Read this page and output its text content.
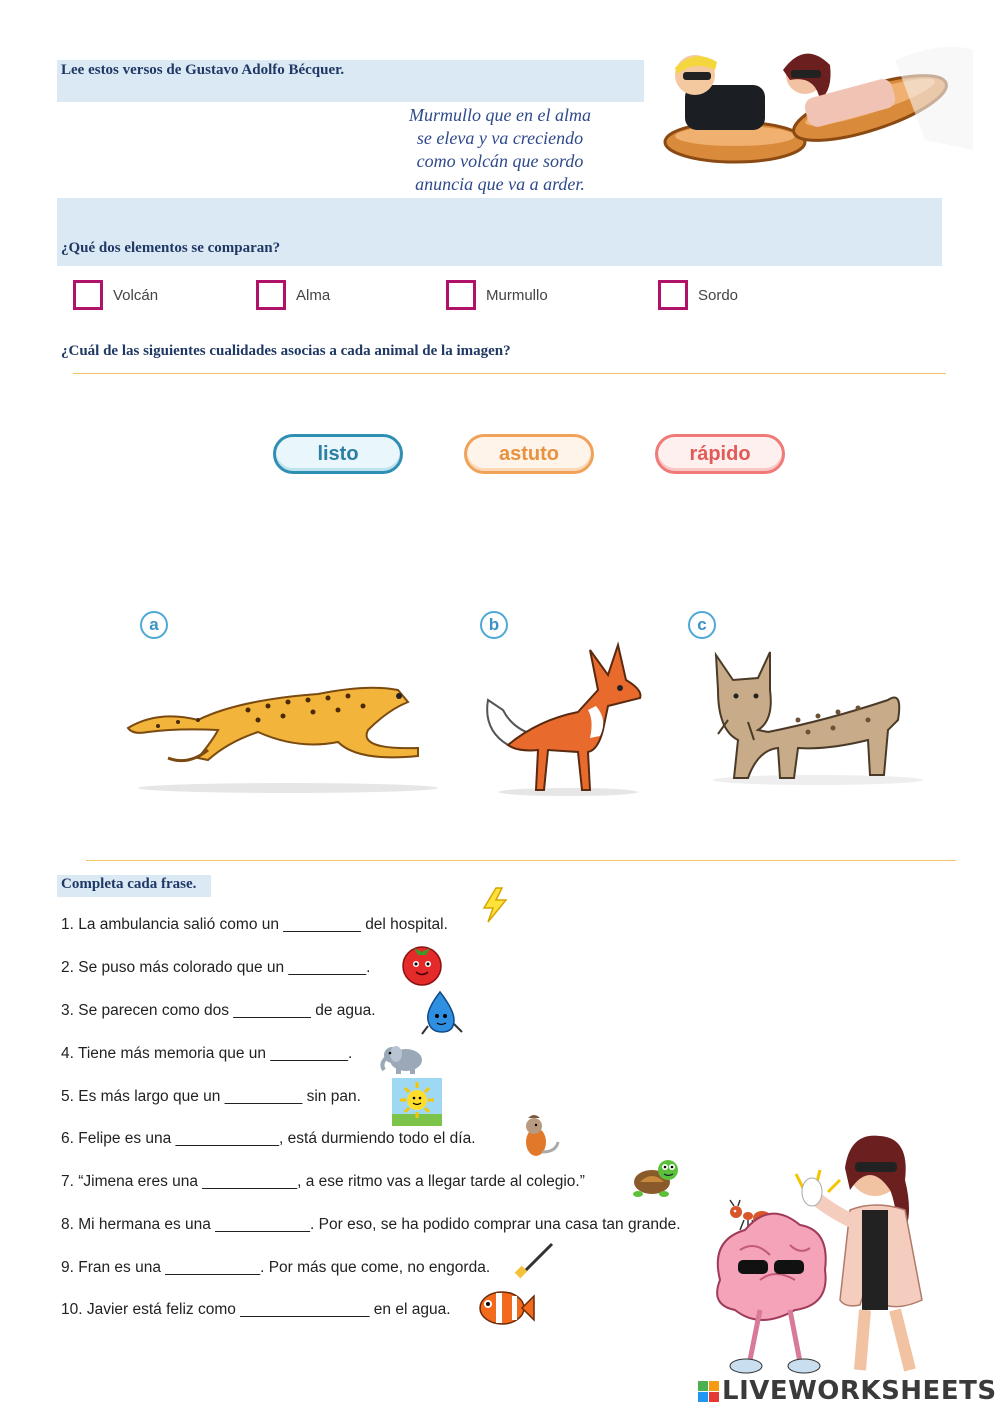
Lee estos versos de Gustavo Adolfo Bécquer.
Murmullo que en el alma
se eleva y va creciendo
como volcán que sordo
anuncia que va a arder.
¿Qué dos elementos se comparan?
Volcán	Alma	Murmullo	Sordo
¿Cuál de las siguientes cualidades asocias a cada animal de la imagen?
listo	astuto	rápido
a	b	c
Completa cada frase.
1. La ambulancia salió como un _________ del hospital.
2. Se puso más colorado que un _________.
3. Se parecen como dos _________ de agua.
4. Tiene más memoria que un _________.
5. Es más largo que un _________ sin pan.
6. Felipe es una ____________, está durmiendo todo el día.
7. “Jimena eres una ___________, a ese ritmo vas a llegar tarde al colegio.”
8. Mi hermana es una ___________. Por eso, se ha podido comprar una casa tan grande.
9. Fran es una ___________. Por más que come, no engorda.
10. Javier está feliz como _______________ en el agua.
LIVEWORKSHEETS
